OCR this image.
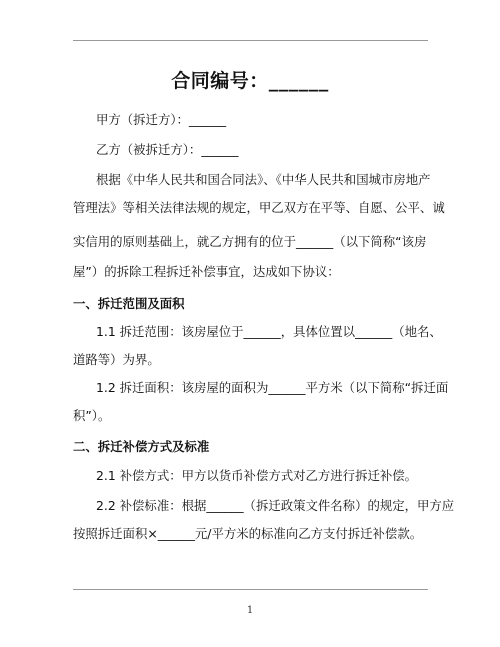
合同编号：______
甲方（拆迁方）：______
乙方（被拆迁方）：______
根据《中华人民共和国合同法》、《中华人民共和国城市房地产
管理法》等相关法律法规的规定，甲乙双方在平等、自愿、公平、诚
实信用的原则基础上，就乙方拥有的位于______（以下简称“该房
屋”）的拆除工程拆迁补偿事宜，达成如下协议：
一、拆迁范围及面积
1.1 拆迁范围：该房屋位于______，具体位置以______（地名、
道路等）为界。
1.2 拆迁面积：该房屋的面积为______平方米（以下简称“拆迁面
积”）。
二、拆迁补偿方式及标准
2.1 补偿方式：甲方以货币补偿方式对乙方进行拆迁补偿。
2.2 补偿标准：根据______（拆迁政策文件名称）的规定，甲方应
按照拆迁面积×______元/平方米的标准向乙方支付拆迁补偿款。
1
